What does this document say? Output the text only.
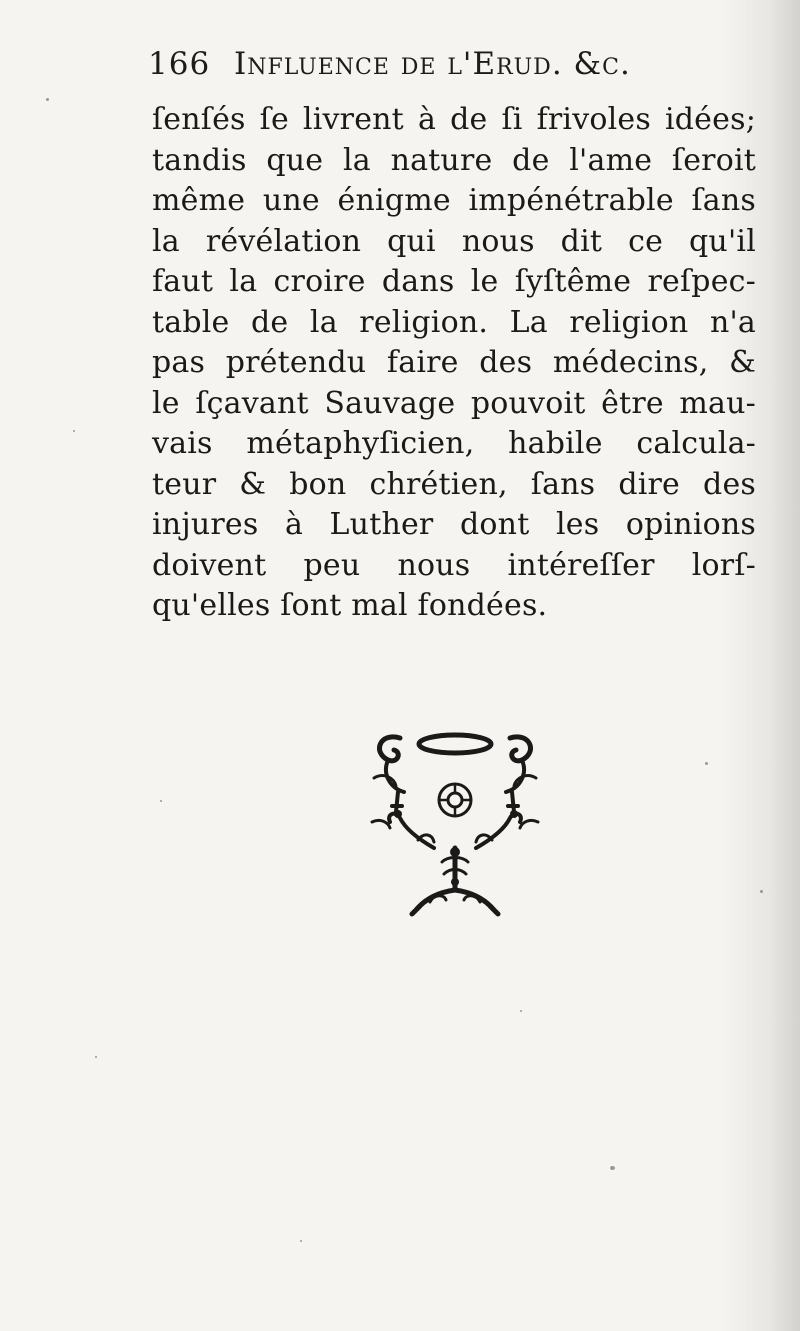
166 Influence de l'Erud. &c.
ſenſés ſe livrent à de ſi frivoles idées;
tandis que la nature de l'ame ſeroit
même une énigme impénétrable ſans
la révélation qui nous dit ce qu'il
faut la croire dans le ſyſtême reſpec-
table de la religion. La religion n'a
pas prétendu faire des médecins, &
le ſçavant Sauvage pouvoit être mau-
vais métaphyſicien, habile calcula-
teur & bon chrétien, ſans dire des
injures à Luther dont les opinions
doivent peu nous intéreſſer lorſ-
qu'elles ſont mal fondées.
